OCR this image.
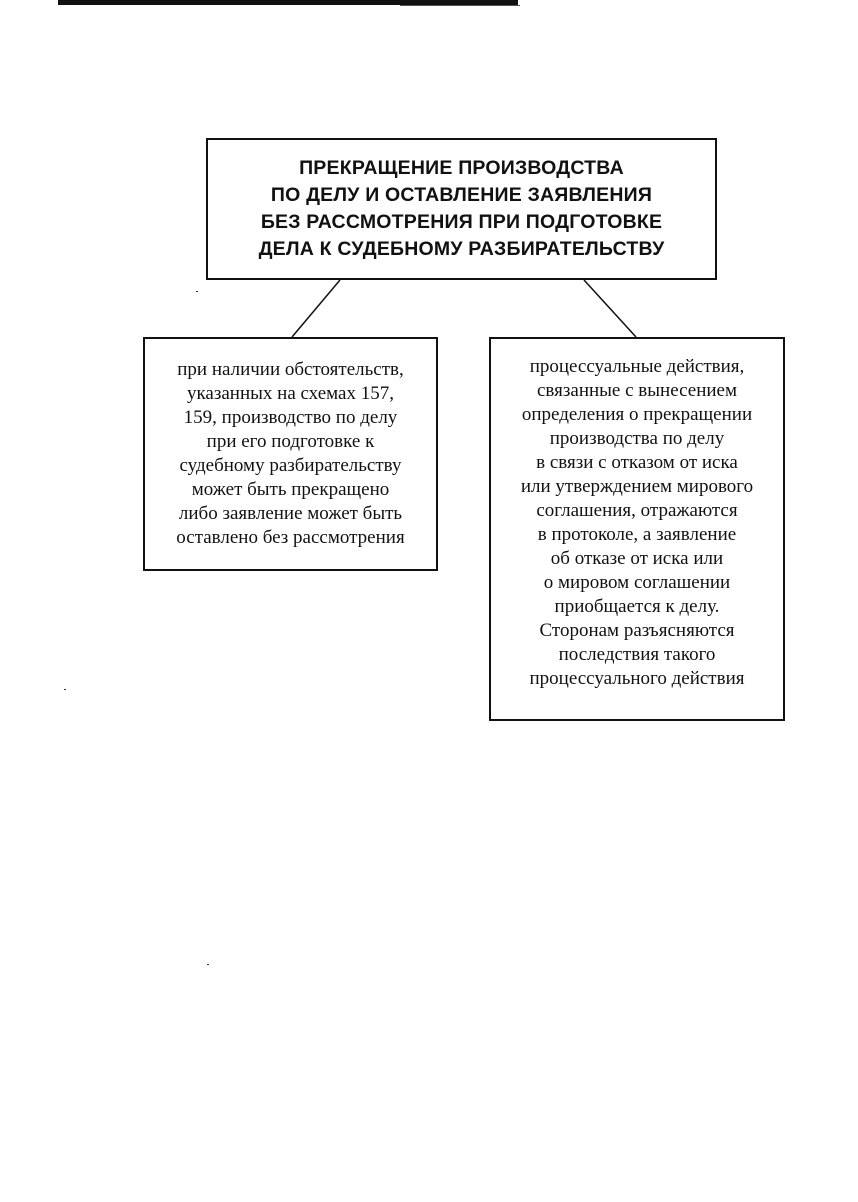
ПРЕКРАЩЕНИЕ ПРОИЗВОДСТВА
ПО ДЕЛУ И ОСТАВЛЕНИЕ ЗАЯВЛЕНИЯ
БЕЗ РАССМОТРЕНИЯ ПРИ ПОДГОТОВКЕ
ДЕЛА К СУДЕБНОМУ РАЗБИРАТЕЛЬСТВУ
при наличии обстоятельств,
указанных на схемах 157,
159, производство по делу
при его подготовке к
судебному разбирательству
может быть прекращено
либо заявление может быть
оставлено без рассмотрения
процессуальные действия,
связанные с вынесением
определения о прекращении
производства по делу
в связи с отказом от иска
или утверждением мирового
соглашения, отражаются
в протоколе, а заявление
об отказе от иска или
о мировом соглашении
приобщается к делу.
Сторонам разъясняются
последствия такого
процессуального действия
